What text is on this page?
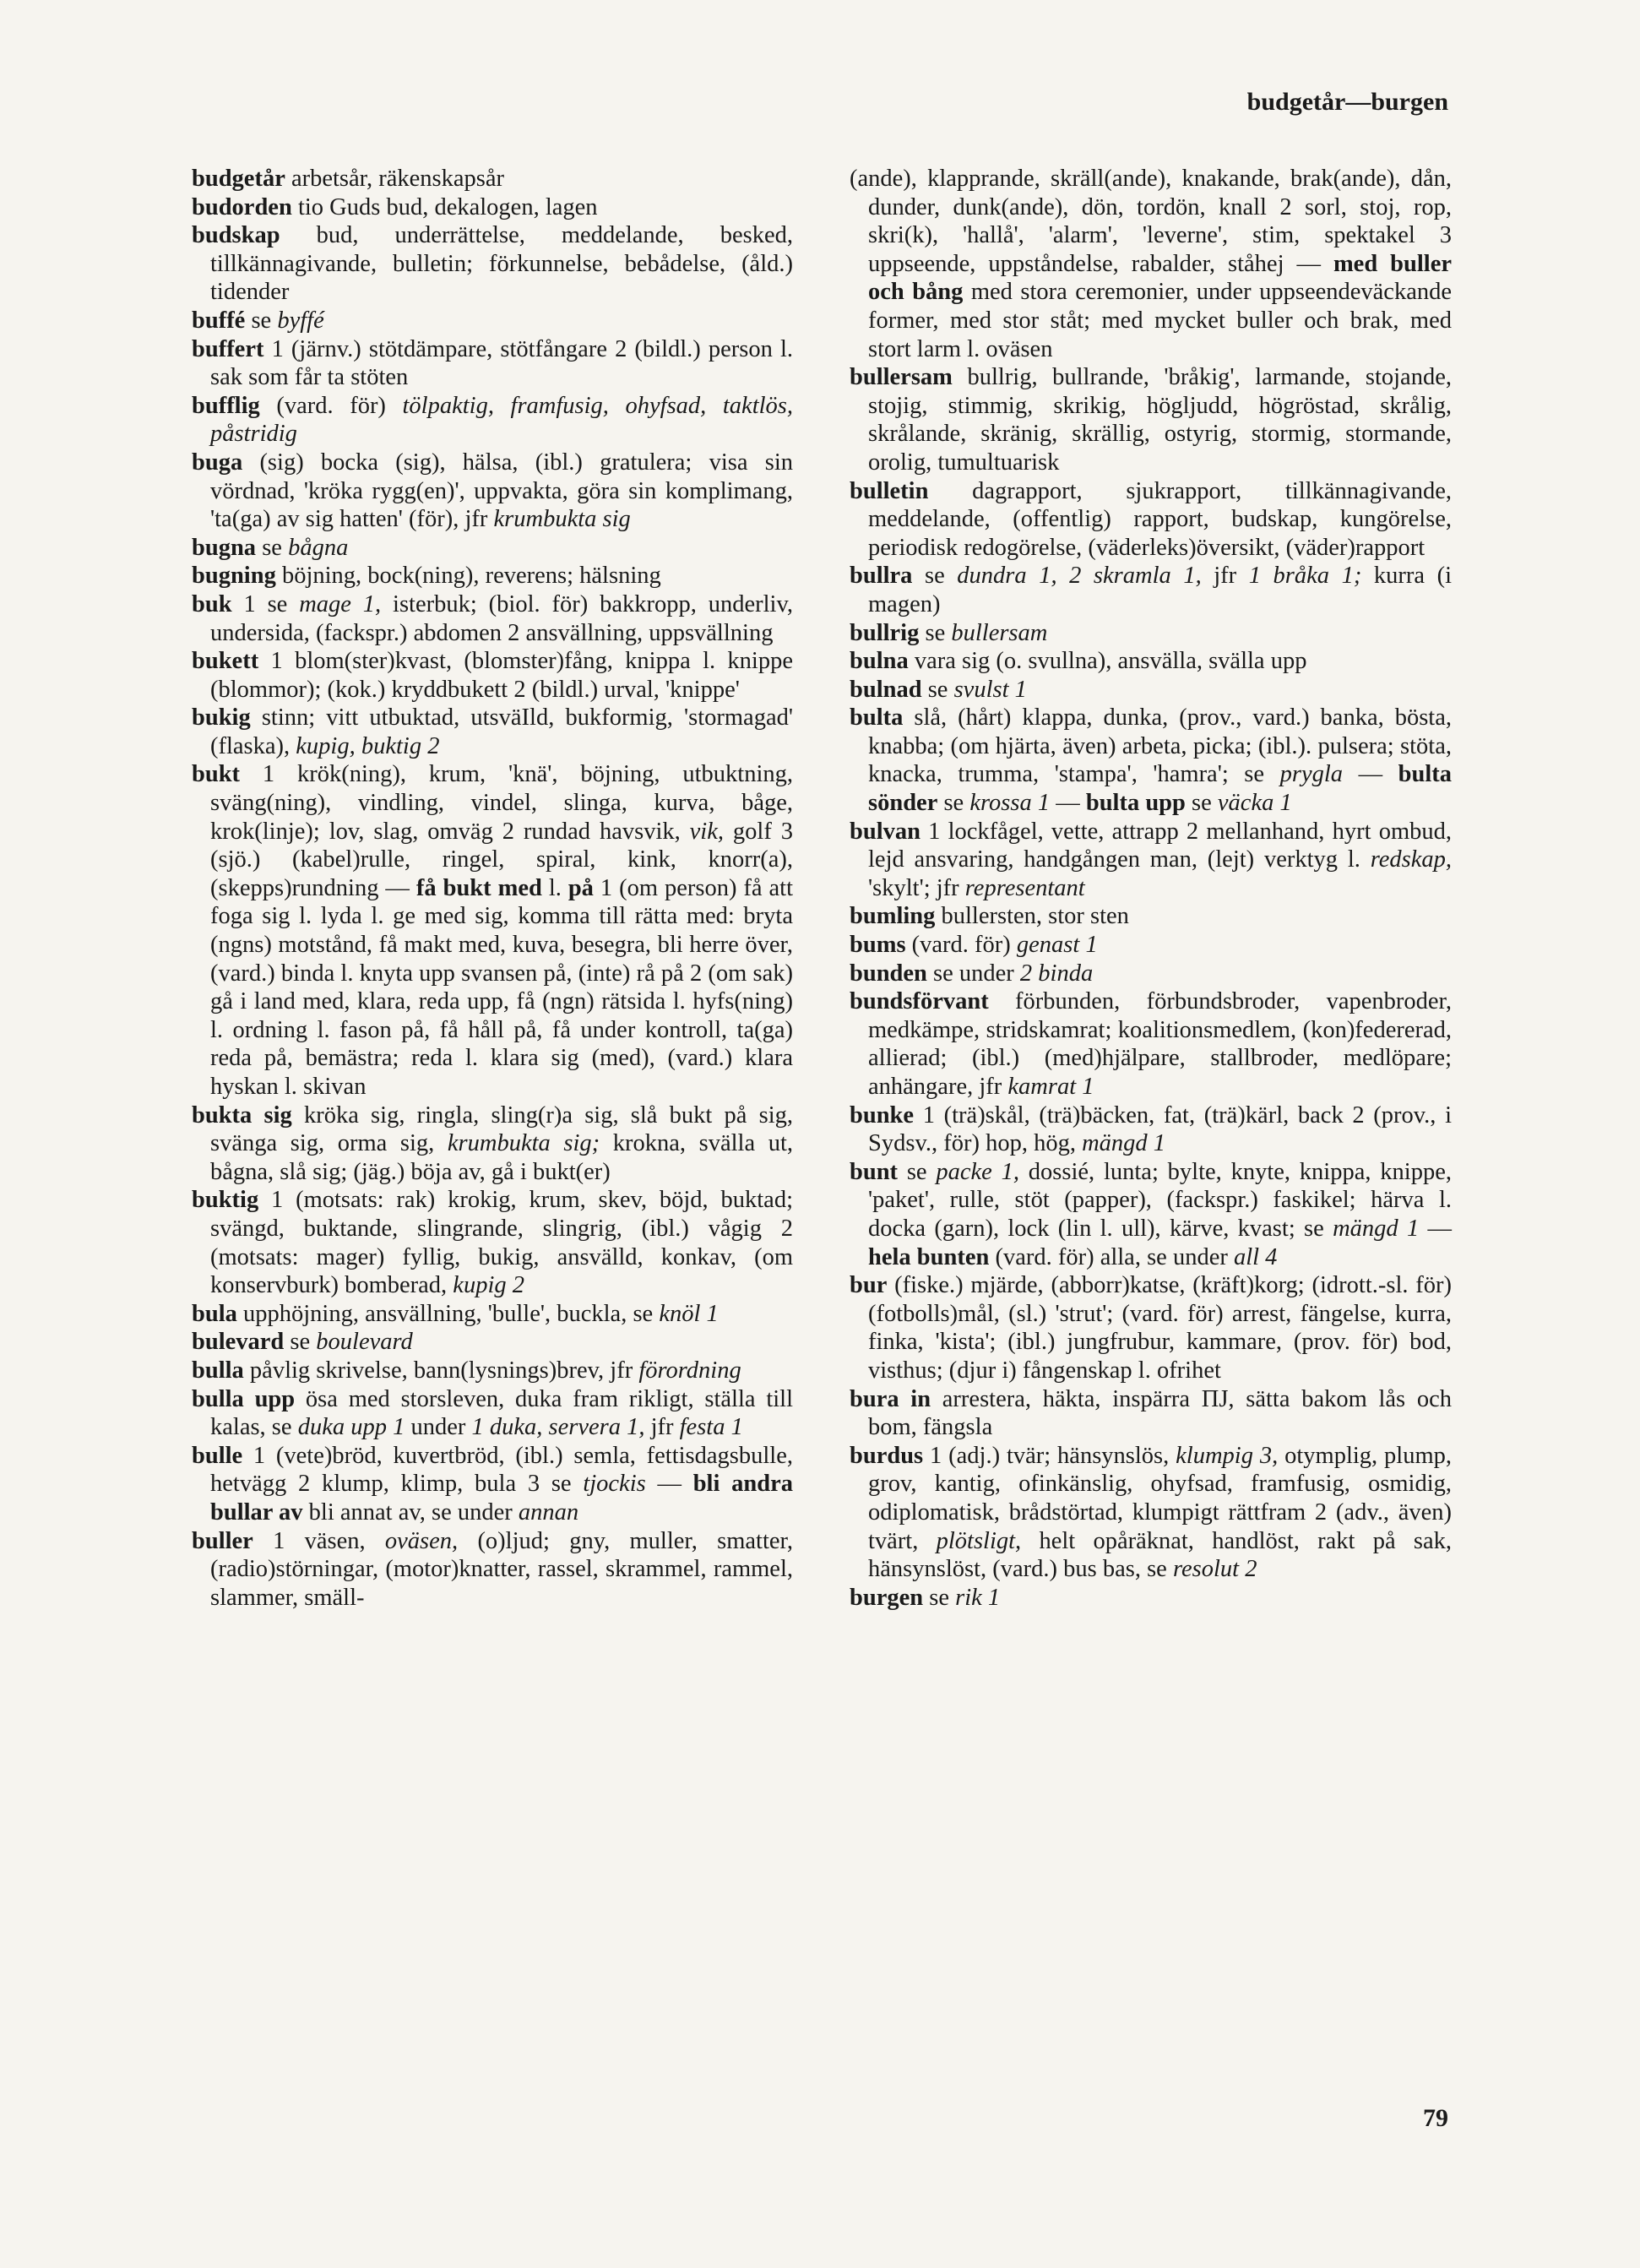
budgetår—burgen

budgetår arbetsår, räkenskapsår

budorden tio Guds bud, dekalogen, lagen

budskap bud, underrättelse, meddelande, besked, tillkännagivande, bulletin; förkunnelse, bebådelse, (åld.) tidender

buffé se byffé

buffert 1 (järnv.) stötdämpare, stötfångare 2 (bildl.) person l. sak som får ta stöten

bufflig (vard. för) tölpaktig, framfusig, ohyfsad, taktlös, påstridig

buga (sig) bocka (sig), hälsa, (ibl.) gratulera; visa sin vördnad, 'kröka rygg(en)', uppvakta, göra sin komplimang, 'ta(ga) av sig hatten' (för), jfr krumbukta sig

bugna se bågna

bugning böjning, bock(ning), reverens; hälsning

buk 1 se mage 1, isterbuk; (biol. för) bakkropp, underliv, undersida, (fackspr.) abdomen 2 ansvällning, uppsvällning

bukett 1 blom(ster)kvast, (blomster)fång, knippa l. knippe (blommor); (kok.) kryddbukett 2 (bildl.) urval, 'knippe'

bukig stinn; vitt utbuktad, utsväIld, bukformig, 'stormagad' (flaska), kupig, buktig 2

bukt 1 krök(ning), krum, 'knä', böjning, utbuktning, sväng(ning), vindling, vindel, slinga, kurva, båge, krok(linje); lov, slag, omväg 2 rundad havsvik, vik, golf 3 (sjö.) (kabel)rulle, ringel, spiral, kink, knorr(a), (skepps)rundning — få bukt med l. på 1 (om person) få att foga sig l. lyda l. ge med sig, komma till rätta med: bryta (ngns) motstånd, få makt med, kuva, besegra, bli herre över, (vard.) binda l. knyta upp svansen på, (inte) rå på 2 (om sak) gå i land med, klara, reda upp, få (ngn) rätsida l. hyfs(ning) l. ordning l. fason på, få håll på, få under kontroll, ta(ga) reda på, bemästra; reda l. klara sig (med), (vard.) klara hyskan l. skivan

bukta sig kröka sig, ringla, sling(r)a sig, slå bukt på sig, svänga sig, orma sig, krumbukta sig; krokna, svälla ut, bågna, slå sig; (jäg.) böja av, gå i bukt(er)

buktig 1 (motsats: rak) krokig, krum, skev, böjd, buktad; svängd, buktande, slingrande, slingrig, (ibl.) vågig 2 (motsats: mager) fyllig, bukig, ansvälld, konkav, (om konservburk) bomberad, kupig 2

bula upphöjning, ansvällning, 'bulle', buckla, se knöl 1

bulevard se boulevard

bulla påvlig skrivelse, bann(lysnings)brev, jfr förordning

bulla upp ösa med storsleven, duka fram rikligt, ställa till kalas, se duka upp 1 under 1 duka, servera 1, jfr festa 1

bulle 1 (vete)bröd, kuvertbröd, (ibl.) semla, fettisdagsbulle, hetvägg 2 klump, klimp, bula 3 se tjockis — bli andra bullar av bli annat av, se under annan

buller 1 väsen, oväsen, (o)ljud; gny, muller, smatter, (radio)störningar, (motor)knatter, rassel, skrammel, rammel, slammer, smäll-

(ande), klapprande, skräll(ande), knakande, brak(ande), dån, dunder, dunk(ande), dön, tordön, knall 2 sorl, stoj, rop, skri(k), 'hallå', 'alarm', 'leverne', stim, spektakel 3 uppseende, uppståndelse, rabalder, ståhej — med buller och bång med stora ceremonier, under uppseendeväckande former, med stor ståt; med mycket buller och brak, med stort larm l. oväsen

bullersam bullrig, bullrande, 'bråkig', larmande, stojande, stojig, stimmig, skrikig, högljudd, högröstad, skrålig, skrålande, skränig, skrällig, ostyrig, stormig, stormande, orolig, tumultuarisk

bulletin dagrapport, sjukrapport, tillkännagivande, meddelande, (offentlig) rapport, budskap, kungörelse, periodisk redogörelse, (väderleks)översikt, (väder)rapport

bullra se dundra 1, 2 skramla 1, jfr 1 bråka 1; kurra (i magen)

bullrig se bullersam

bulna vara sig (o. svullna), ansvälla, svälla upp

bulnad se svulst 1

bulta slå, (hårt) klappa, dunka, (prov., vard.) banka, bösta, knabba; (om hjärta, även) arbeta, picka; (ibl.). pulsera; stöta, knacka, trumma, 'stampa', 'hamra'; se prygla — bulta sönder se krossa 1 — bulta upp se väcka 1

bulvan 1 lockfågel, vette, attrapp 2 mellanhand, hyrt ombud, lejd ansvaring, handgången man, (lejt) verktyg l. redskap, 'skylt'; jfr representant

bumling bullersten, stor sten

bums (vard. för) genast 1

bunden se under 2 binda

bundsförvant förbunden, förbundsbroder, vapenbroder, medkämpe, stridskamrat; koalitionsmedlem, (kon)federerad, allierad; (ibl.) (med)hjälpare, stallbroder, medlöpare; anhängare, jfr kamrat 1

bunke 1 (trä)skål, (trä)bäcken, fat, (trä)kärl, back 2 (prov., i Sydsv., för) hop, hög, mängd 1

bunt se packe 1, dossié, lunta; bylte, knyte, knippa, knippe, 'paket', rulle, stöt (papper), (fackspr.) faskikel; härva l. docka (garn), lock (lin l. ull), kärve, kvast; se mängd 1 — hela bunten (vard. för) alla, se under all 4

bur (fiske.) mjärde, (abborr)katse, (kräft)korg; (idrott.-sl. för) (fotbolls)mål, (sl.) 'strut'; (vard. för) arrest, fängelse, kurra, finka, 'kista'; (ibl.) jungfrubur, kammare, (prov. för) bod, visthus; (djur i) fångenskap l. ofrihet

bura in arrestera, häkta, inspärra ПJ, sätta bakom lås och bom, fängsla

burdus 1 (adj.) tvär; hänsynslös, klumpig 3, otymplig, plump, grov, kantig, ofinkänslig, ohyfsad, framfusig, osmidig, odiplomatisk, brådstörtad, klumpigt rättfram 2 (adv., även) tvärt, plötsligt, helt opåräknat, handlöst, rakt på sak, hänsynslöst, (vard.) bus bas, se resolut 2

burgen se rik 1

79
